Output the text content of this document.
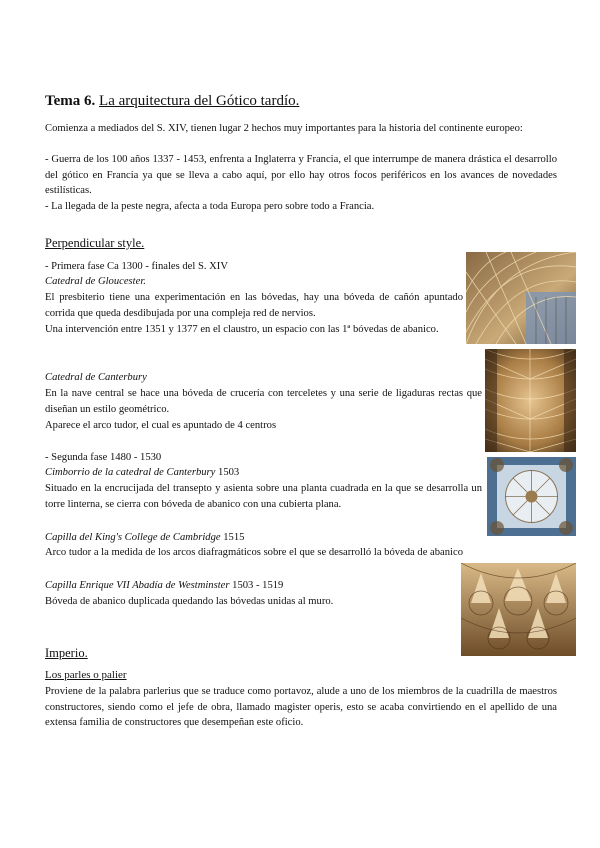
Tema 6. La arquitectura del Gótico tardío.
Comienza a mediados del S. XIV, tienen lugar 2 hechos muy importantes para la historia del continente europeo:
- Guerra de los 100 años 1337 - 1453, enfrenta a Inglaterra y Francia, el que interrumpe de manera drástica el desarrollo del gótico en Francia ya que se lleva a cabo aquí, por ello hay otros focos periféricos en los avances de novedades estilísticas.
- La llegada de la peste negra, afecta a toda Europa pero sobre todo a Francia.
Perpendicular style.
- Primera fase Ca 1300 - finales del S. XIV
Catedral de Gloucester.
El presbiterio tiene una experimentación en las bóvedas, hay una bóveda de cañón apuntado corrida que queda desdibujada por una compleja red de nervios.
Una intervención entre 1351 y 1377 en el claustro, un espacio con las 1ª bóvedas de abanico.
Catedral de Canterbury
En la nave central se hace una bóveda de crucería con terceletes y una serie de ligaduras rectas que diseñan un estilo geométrico.
Aparece el arco tudor, el cual es apuntado de 4 centros
- Segunda fase 1480 - 1530
Cimborrio de la catedral de Canterbury 1503
Situado en la encrucijada del transepto y asienta sobre una planta cuadrada en la que se desarrolla un torre linterna, se cierra con bóveda de abanico con una cubierta plana.
Capilla del King's College de Cambridge 1515
Arco tudor a la medida de los arcos diafragmáticos sobre el que se desarrolló la bóveda de abanico
Capilla Enrique VII Abadía de Westminster 1503 - 1519
Bóveda de abanico duplicada quedando las bóvedas unidas al muro.
Imperio.
Los parles o palier
Proviene de la palabra parlerius que se traduce como portavoz, alude a uno de los miembros de la cuadrilla de maestros constructores, siendo como el jefe de obra, llamado magister operis, esto se acaba convirtiendo en el apellido de una extensa familia de constructores que desempeñan este oficio.
